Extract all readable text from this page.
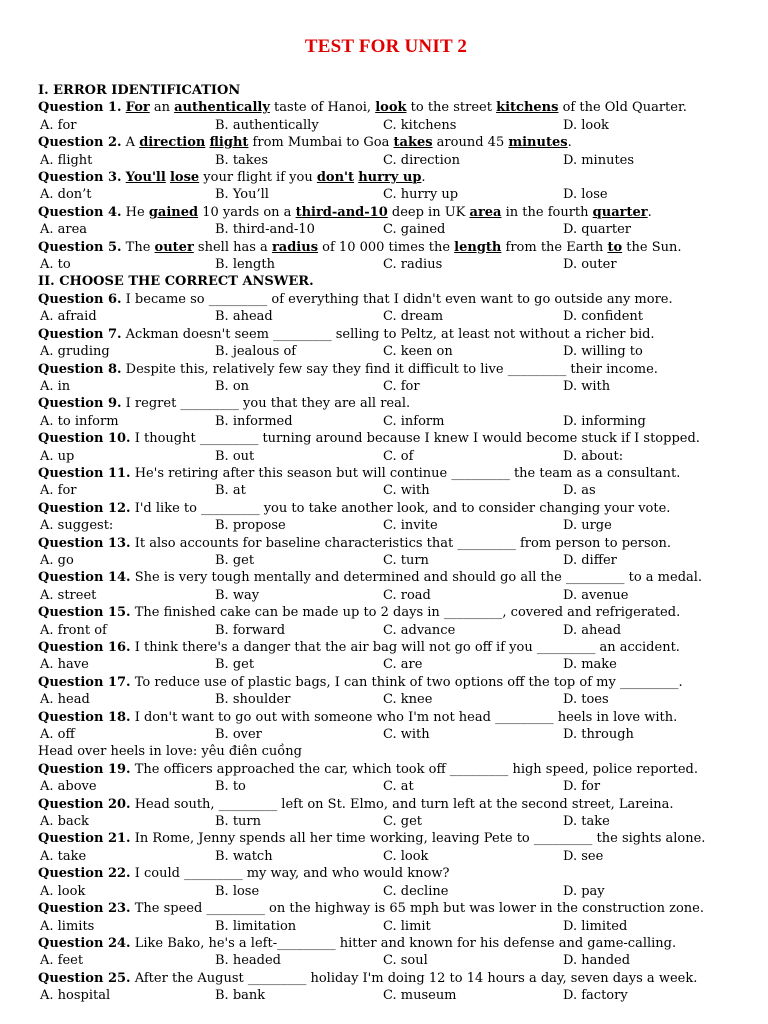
TEST FOR UNIT 2

I. ERROR IDENTIFICATION

Question 1. For an authentically taste of Hanoi, look to the street kitchens of the Old Quarter.

A. for	B. authentically	C. kitchens	D. look

Question 2. A direction flight from Mumbai to Goa takes around 45 minutes.

A. flight	B. takes	C. direction	D. minutes

Question 3. You'll lose your flight if you don't hurry up.

A. don’t	B. You’ll	C. hurry up	D. lose

Question 4. He gained 10 yards on a third-and-10 deep in UK area in the fourth quarter.

A. area	B. third-and-10	C. gained	D. quarter

Question 5. The outer shell has a radius of 10 000 times the length from the Earth to the Sun.

A. to	B. length	C. radius	D. outer

II. CHOOSE THE CORRECT ANSWER.

Question 6. I became so _________ of everything that I didn't even want to go outside any more.

A. afraid	B. ahead	C. dream	D. confident

Question 7. Ackman doesn't seem _________ selling to Peltz, at least not without a richer bid.

A. gruding	B. jealous of	C. keen on	D. willing to

Question 8. Despite this, relatively few say they find it difficult to live _________ their income.

A. in	B. on	C. for	D. with

Question 9. I regret _________ you that they are all real.

A. to inform	B. informed	C. inform	D. informing

Question 10. I thought _________ turning around because I knew I would become stuck if I stopped.

A. up	B. out	C. of	D. about:

Question 11. He's retiring after this season but will continue _________ the team as a consultant.

A. for	B. at	C. with	D. as

Question 12. I'd like to _________ you to take another look, and to consider changing your vote.

A. suggest:	B. propose	C. invite	D. urge

Question 13. It also accounts for baseline characteristics that _________ from person to person.

A. go	B. get	C. turn	D. differ

Question 14. She is very tough mentally and determined and should go all the _________ to a medal.

A. street	B. way	C. road	D. avenue

Question 15. The finished cake can be made up to 2 days in _________, covered and refrigerated.

A. front of	B. forward	C. advance	D. ahead

Question 16. I think there's a danger that the air bag will not go off if you _________ an accident.

A. have	B. get	C. are	D. make

Question 17. To reduce use of plastic bags, I can think of two options off the top of my _________.

A. head	B. shoulder	C. knee	D. toes

Question 18. I don't want to go out with someone who I'm not head _________ heels in love with.

A. off	B. over	C. with	D. through

Head over heels in love: yêu điên cuồng

Question 19. The officers approached the car, which took off _________ high speed, police reported.

A. above	B. to	C. at	D. for

Question 20. Head south, _________ left on St. Elmo, and turn left at the second street, Lareina.

A. back	B. turn	C. get	D. take

Question 21. In Rome, Jenny spends all her time working, leaving Pete to _________ the sights alone.

A. take	B. watch	C. look	D. see

Question 22. I could _________ my way, and who would know?

A. look	B. lose	C. decline	D. pay

Question 23. The speed _________ on the highway is 65 mph but was lower in the construction zone.

A. limits	B. limitation	C. limit	D. limited

Question 24. Like Bako, he's a left-_________ hitter and known for his defense and game-calling.

A. feet	B. headed	C. soul	D. handed

Question 25. After the August _________ holiday I'm doing 12 to 14 hours a day, seven days a week.

A. hospital	B. bank	C. museum	D. factory
